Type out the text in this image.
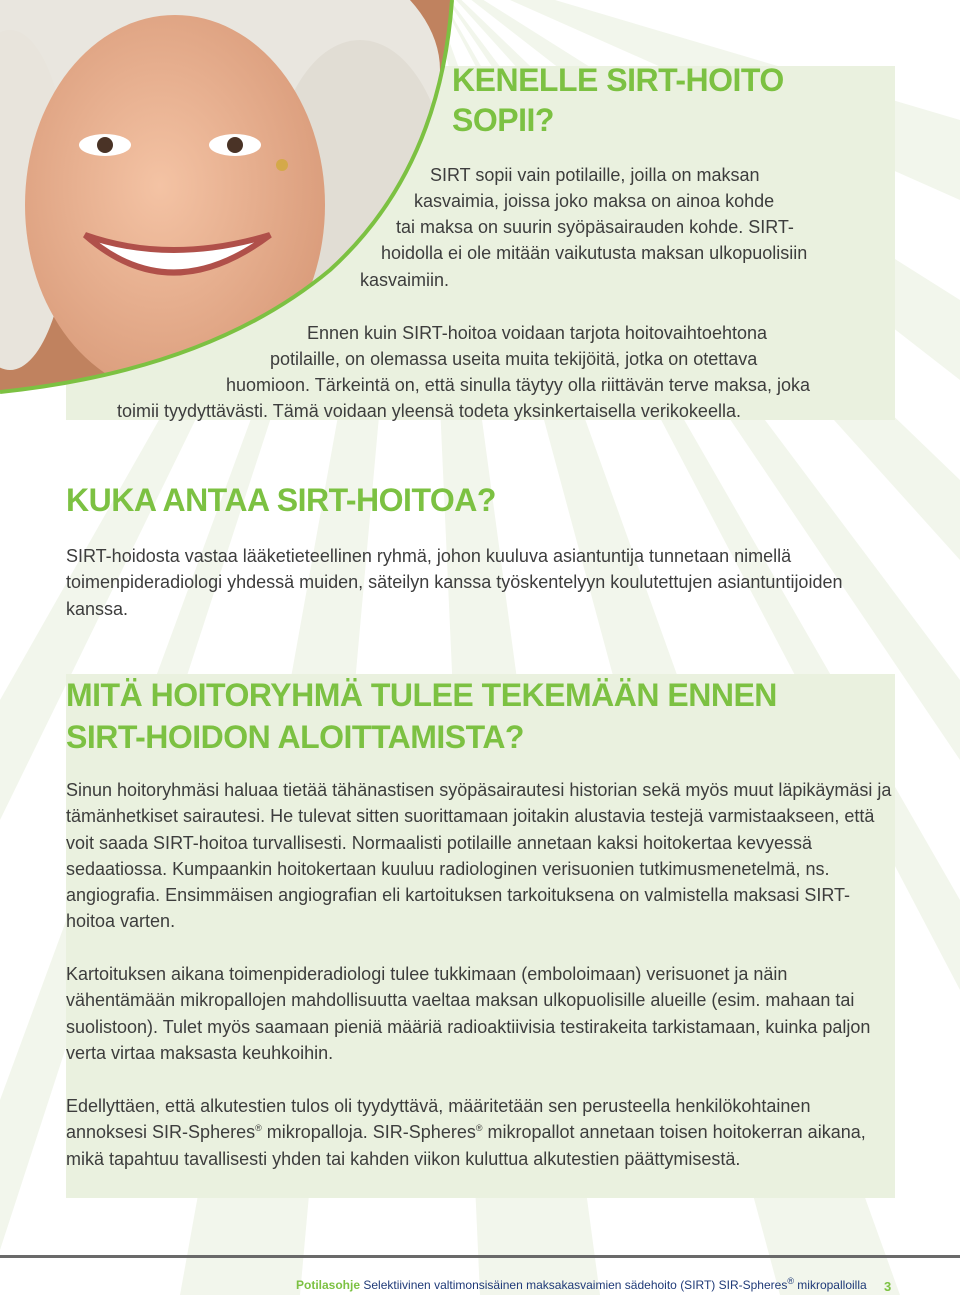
KENELLE SIRT-HOITO
SOPII?
SIRT sopii vain potilaille, joilla on maksan
kasvaimia, joissa joko maksa on ainoa kohde
tai maksa on suurin syöpäsairauden kohde. SIRT-
hoidolla ei ole mitään vaikutusta maksan ulkopuolisiin
kasvaimiin.
Ennen kuin SIRT-hoitoa voidaan tarjota hoitovaihtoehtona
potilaille, on olemassa useita muita tekijöitä, jotka on otettava
huomioon. Tärkeintä on, että sinulla täytyy olla riittävän terve maksa, joka
toimii tyydyttävästi. Tämä voidaan yleensä todeta yksinkertaisella verikokeella.
KUKA ANTAA SIRT-HOITOA?

SIRT-hoidosta vastaa lääketieteellinen ryhmä, johon kuuluva asiantuntija tunnetaan nimellä toimenpideradiologi yhdessä muiden, säteilyn kanssa työskentelyyn koulutettujen asiantuntijoiden kanssa.

MITÄ HOITORYHMÄ TULEE TEKEMÄÄN ENNEN
SIRT-HOIDON ALOITTAMISTA?

Sinun hoitoryhmäsi haluaa tietää tähänastisen syöpäsairautesi historian sekä myös muut läpikäymäsi ja tämänhetkiset sairautesi. He tulevat sitten suorittamaan joitakin alustavia testejä varmistaakseen, että voit saada SIRT-hoitoa turvallisesti. Normaalisti potilaille annetaan kaksi hoitokertaa kevyessä sedaatiossa. Kumpaankin hoitokertaan kuuluu radiologinen verisuonien tutkimusmenetelmä, ns. angiografia. Ensimmäisen angiografian eli kartoituksen tarkoituksena on valmistella maksasi SIRT-hoitoa varten.

Kartoituksen aikana toimenpideradiologi tulee tukkimaan (emboloimaan) verisuonet ja näin vähentämään mikropallojen mahdollisuutta vaeltaa maksan ulkopuolisille alueille (esim. mahaan tai suolistoon). Tulet myös saamaan pieniä määriä radioaktiivisia testirakeita tarkistamaan, kuinka paljon verta virtaa maksasta keuhkoihin.

Edellyttäen, että alkutestien tulos oli tyydyttävä, määritetään sen perusteella henkilökohtainen annoksesi SIR-Spheres® mikropalloja. SIR-Spheres® mikropallot annetaan toisen hoitokerran aikana, mikä tapahtuu tavallisesti yhden tai kahden viikon kuluttua alkutestien päättymisestä.

Potilasohje Selektiivinen valtimonsisäinen maksakasvaimien sädehoito (SIRT) SIR-Spheres® mikropalloilla 3
